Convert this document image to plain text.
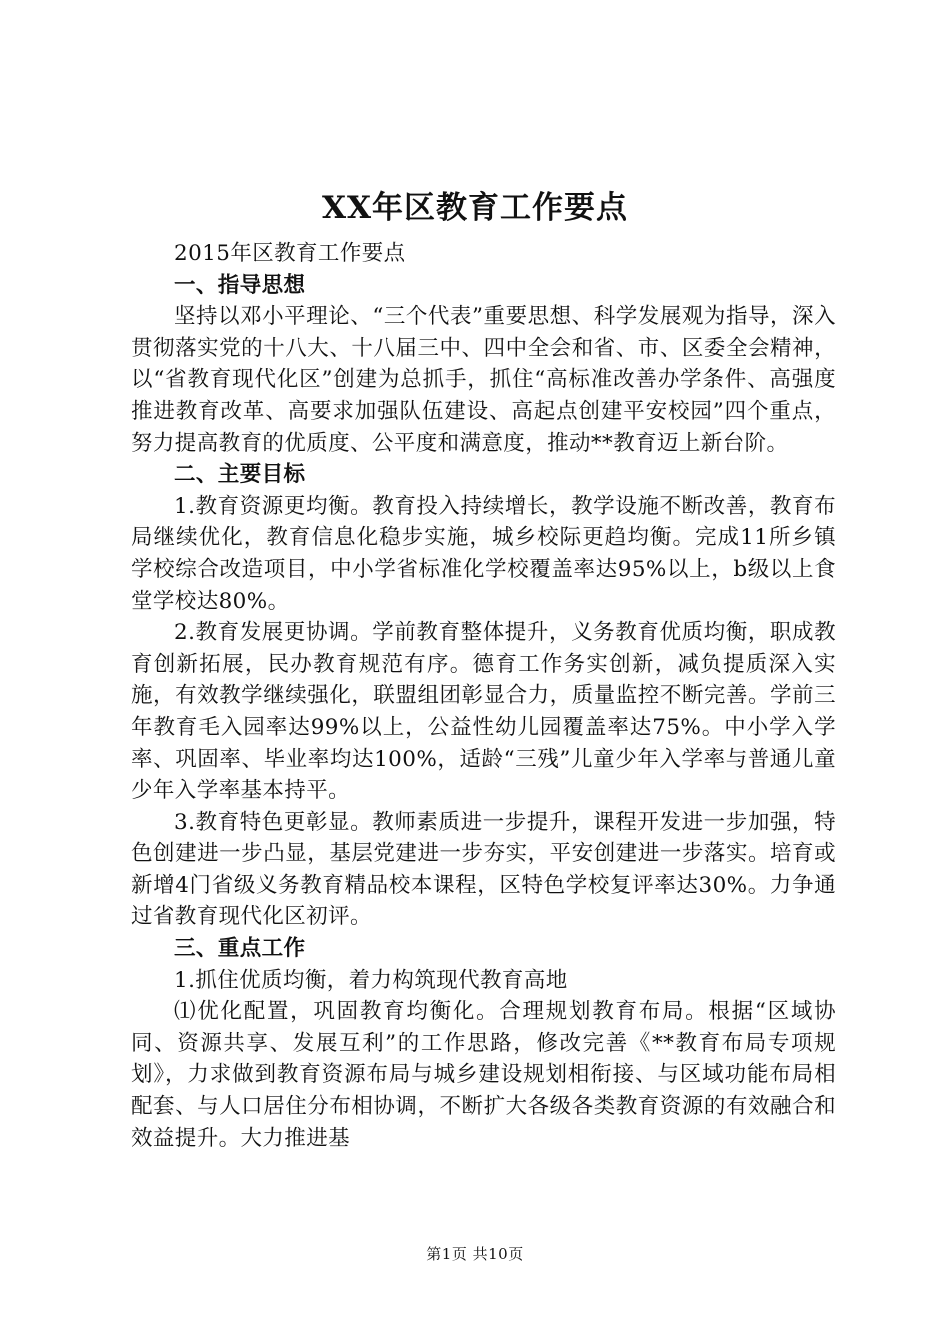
XX年区教育工作要点

2015年区教育工作要点

一、指导思想

坚持以邓小平理论、“三个代表”重要思想、科学发展观为指导，深入贯彻落实党的十八大、十八届三中、四中全会和省、市、区委全会精神，以“省教育现代化区”创建为总抓手，抓住“高标准改善办学条件、高强度推进教育改革、高要求加强队伍建设、高起点创建平安校园”四个重点，努力提高教育的优质度、公平度和满意度，推动**教育迈上新台阶。

二、主要目标

1.教育资源更均衡。教育投入持续增长，教学设施不断改善，教育布局继续优化，教育信息化稳步实施，城乡校际更趋均衡。完成11所乡镇学校综合改造项目，中小学省标准化学校覆盖率达95%以上，b级以上食堂学校达80%。

2.教育发展更协调。学前教育整体提升，义务教育优质均衡，职成教育创新拓展，民办教育规范有序。德育工作务实创新，减负提质深入实施，有效教学继续强化，联盟组团彰显合力，质量监控不断完善。学前三年教育毛入园率达99%以上，公益性幼儿园覆盖率达75%。中小学入学率、巩固率、毕业率均达100%，适龄“三残”儿童少年入学率与普通儿童少年入学率基本持平。

3.教育特色更彰显。教师素质进一步提升，课程开发进一步加强，特色创建进一步凸显，基层党建进一步夯实，平安创建进一步落实。培育或新增4门省级义务教育精品校本课程，区特色学校复评率达30%。力争通过省教育现代化区初评。

三、重点工作

1.抓住优质均衡，着力构筑现代教育高地

⑴优化配置，巩固教育均衡化。合理规划教育布局。根据“区域协同、资源共享、发展互利”的工作思路，修改完善《**教育布局专项规划》，力求做到教育资源布局与城乡建设规划相衔接、与区域功能布局相配套、与人口居住分布相协调，不断扩大各级各类教育资源的有效融合和效益提升。大力推进基

第1页 共10页
